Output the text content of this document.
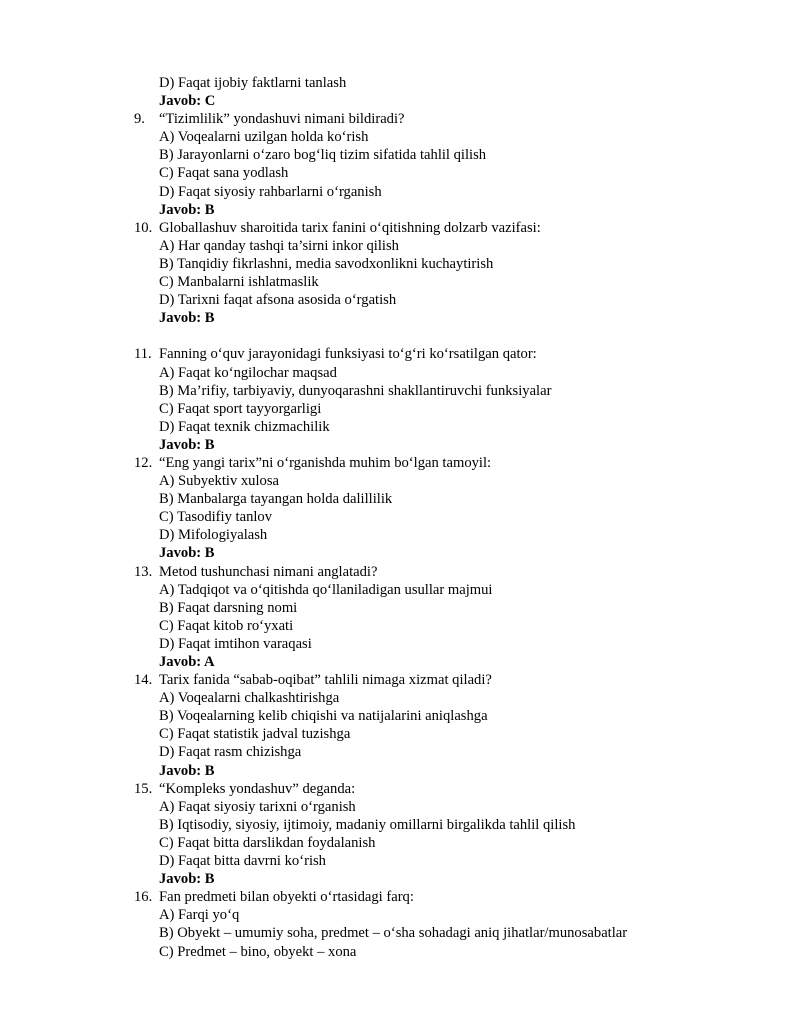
D) Faqat ijobiy faktlarni tanlash
Javob: C
9. “Tizimlilik” yondashuvi nimani bildiradi?
A) Voqealarni uzilgan holda ko‘rish
B) Jarayonlarni o‘zaro bog‘liq tizim sifatida tahlil qilish
C) Faqat sana yodlash
D) Faqat siyosiy rahbarlarni o‘rganish
Javob: B
10. Globallashuv sharoitida tarix fanini o‘qitishning dolzarb vazifasi:
A) Har qanday tashqi ta’sirni inkor qilish
B) Tanqidiy fikrlashni, media savodxonlikni kuchaytirish
C) Manbalarni ishlatmaslik
D) Tarixni faqat afsona asosida o‘rgatish
Javob: B
11. Fanning o‘quv jarayonidagi funksiyasi to‘g‘ri ko‘rsatilgan qator:
A) Faqat ko‘ngilochar maqsad
B) Ma’rifiy, tarbiyaviy, dunyoqarashni shakllantiruvchi funksiyalar
C) Faqat sport tayyorgarligi
D) Faqat texnik chizmachilik
Javob: B
12. “Eng yangi tarix”ni o‘rganishda muhim bo‘lgan tamoyil:
A) Subyektiv xulosa
B) Manbalarga tayangan holda dalillilik
C) Tasodifiy tanlov
D) Mifologiyalash
Javob: B
13. Metod tushunchasi nimani anglatadi?
A) Tadqiqot va o‘qitishda qo‘llaniladigan usullar majmui
B) Faqat darsning nomi
C) Faqat kitob ro‘yxati
D) Faqat imtihon varaqasi
Javob: A
14. Tarix fanida “sabab-oqibat” tahlili nimaga xizmat qiladi?
A) Voqealarni chalkashtirishga
B) Voqealarning kelib chiqishi va natijalarini aniqlashga
C) Faqat statistik jadval tuzishga
D) Faqat rasm chizishga
Javob: B
15. “Kompleks yondashuv” deganda:
A) Faqat siyosiy tarixni o‘rganish
B) Iqtisodiy, siyosiy, ijtimoiy, madaniy omillarni birgalikda tahlil qilish
C) Faqat bitta darslikdan foydalanish
D) Faqat bitta davrni ko‘rish
Javob: B
16. Fan predmeti bilan obyekti o‘rtasidagi farq:
A) Farqi yo‘q
B) Obyekt – umumiy soha, predmet – o‘sha sohadagi aniq jihatlar/munosabatlar
C) Predmet – bino, obyekt – xona
